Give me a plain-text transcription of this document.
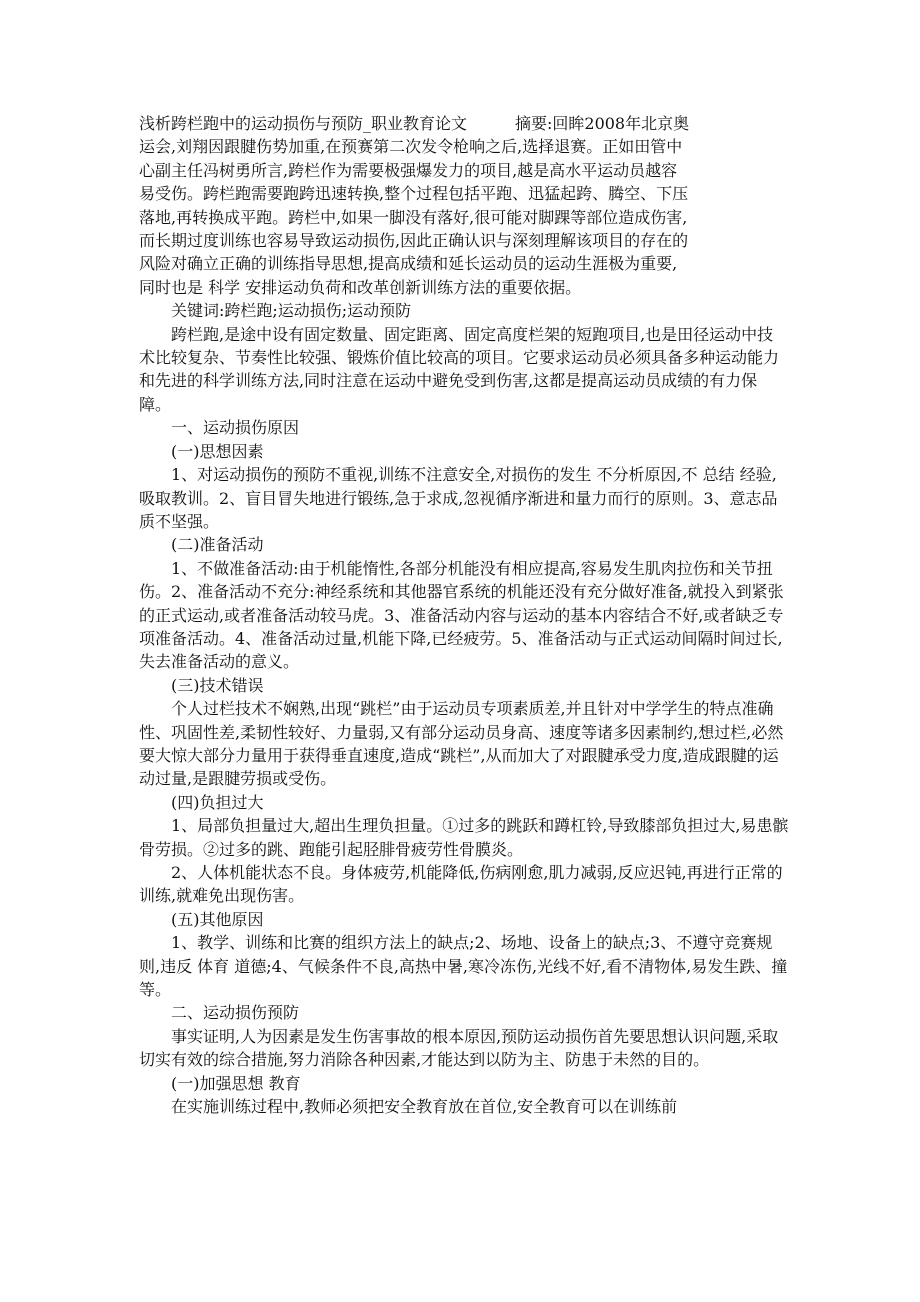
浅析跨栏跑中的运动损伤与预防_职业教育论文　　　摘要:回眸2008年北京奥

运会,刘翔因跟腱伤势加重,在预赛第二次发令枪响之后,选择退赛。正如田管中

心副主任冯树勇所言,跨栏作为需要极强爆发力的项目,越是高水平运动员越容

易受伤。跨栏跑需要跑跨迅速转换,整个过程包括平跑、迅猛起跨、腾空、下压

落地,再转换成平跑。跨栏中,如果一脚没有落好,很可能对脚踝等部位造成伤害,

而长期过度训练也容易导致运动损伤,因此正确认识与深刻理解该项目的存在的

风险对确立正确的训练指导思想,提高成绩和延长运动员的运动生涯极为重要,

同时也是 科学 安排运动负荷和改革创新训练方法的重要依据。

关键词:跨栏跑;运动损伤;运动预防

跨栏跑,是途中设有固定数量、固定距离、固定高度栏架的短跑项目,也是田径运动中技术比较复杂、节奏性比较强、锻炼价值比较高的项目。它要求运动员必须具备多种运动能力和先进的科学训练方法,同时注意在运动中避免受到伤害,这都是提高运动员成绩的有力保障。

一、运动损伤原因

(一)思想因素

1、对运动损伤的预防不重视,训练不注意安全,对损伤的发生 不分析原因,不 总结 经验,吸取教训。2、盲目冒失地进行锻练,急于求成,忽视循序渐进和量力而行的原则。3、意志品质不坚强。

(二)准备活动

1、不做准备活动:由于机能惰性,各部分机能没有相应提高,容易发生肌肉拉伤和关节扭伤。2、准备活动不充分:神经系统和其他器官系统的机能还没有充分做好准备,就投入到紧张的正式运动,或者准备活动较马虎。3、准备活动内容与运动的基本内容结合不好,或者缺乏专项准备活动。4、准备活动过量,机能下降,已经疲劳。5、准备活动与正式运动间隔时间过长,失去准备活动的意义。

(三)技术错误

个人过栏技术不娴熟,出现“跳栏”由于运动员专项素质差,并且针对中学学生的特点准确性、巩固性差,柔韧性较好、力量弱,又有部分运动员身高、速度等诸多因素制约,想过栏,必然要大惊大部分力量用于获得垂直速度,造成“跳栏”,从而加大了对跟腱承受力度,造成跟腱的运动过量,是跟腱劳损或受伤。

(四)负担过大

1、局部负担量过大,超出生理负担量。①过多的跳跃和蹲杠铃,导致膝部负担过大,易患髌骨劳损。②过多的跳、跑能引起胫腓骨疲劳性骨膜炎。

2、人体机能状态不良。身体疲劳,机能降低,伤病刚愈,肌力减弱,反应迟钝,再进行正常的训练,就难免出现伤害。

(五)其他原因

1、教学、训练和比赛的组织方法上的缺点;2、场地、设备上的缺点;3、不遵守竞赛规则,违反 体育 道德;4、气候条件不良,高热中暑,寒冷冻伤,光线不好,看不清物体,易发生跌、撞等。

二、运动损伤预防

事实证明,人为因素是发生伤害事故的根本原因,预防运动损伤首先要思想认识问题,采取切实有效的综合措施,努力消除各种因素,才能达到以防为主、防患于未然的目的。

(一)加强思想 教育

在实施训练过程中,教师必须把安全教育放在首位,安全教育可以在训练前
